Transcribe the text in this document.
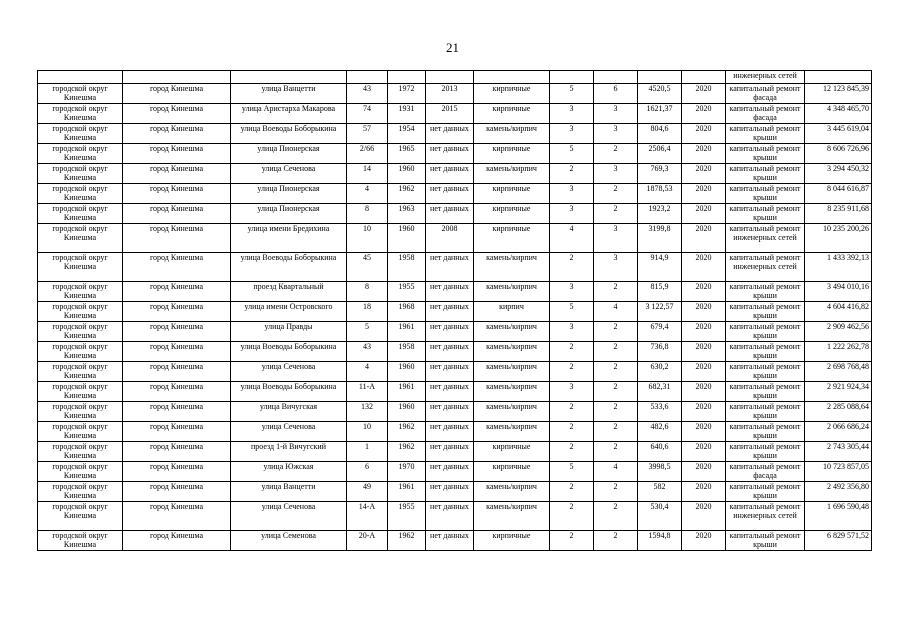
21
											инженерных сетей	
городской округ Кинешма	город Кинешма	улица Ванцетти	43	1972	2013	кирпичные	5	6	4520,5	2020	капитальный ремонт фасада	12 123 845,39
городской округ Кинешма	город Кинешма	улица Аристарха Макарова	74	1931	2015	кирпичные	3	3	1621,37	2020	капитальный ремонт фасада	4 348 465,70
городской округ Кинешма	город Кинешма	улица Воеводы Боборыкина	57	1954	нет данных	камень/кирпич	3	3	804,6	2020	капитальный ремонт крыши	3 445 619,04
городской округ Кинешма	город Кинешма	улица Пионерская	2/66	1965	нет данных	кирпичные	5	2	2506,4	2020	капитальный ремонт крыши	8 606 726,96
городской округ Кинешма	город Кинешма	улица Сеченова	14	1960	нет данных	камень/кирпич	2	3	769,3	2020	капитальный ремонт крыши	3 294 450,32
городской округ Кинешма	город Кинешма	улица Пионерская	4	1962	нет данных	кирпичные	3	2	1878,53	2020	капитальный ремонт крыши	8 044 616,87
городской округ Кинешма	город Кинешма	улица Пионерская	8	1963	нет данных	кирпичные	3	2	1923,2	2020	капитальный ремонт крыши	8 235 911,68
городской округ Кинешма	город Кинешма	улица имени Бредихина	10	1960	2008	кирпичные	4	3	3199,8	2020	капитальный ремонт инженерных сетей	10 235 200,26
городской округ Кинешма	город Кинешма	улица Воеводы Боборыкина	45	1958	нет данных	камень/кирпич	2	3	914,9	2020	капитальный ремонт инженерных сетей	1 433 392,13
городской округ Кинешма	город Кинешма	проезд Квартальный	8	1955	нет данных	камень/кирпич	3	2	815,9	2020	капитальный ремонт крыши	3 494 010,16
городской округ Кинешма	город Кинешма	улица имени Островского	18	1968	нет данных	кирпич	5	4	3 122,57	2020	капитальный ремонт крыши	4 604 416,82
городской округ Кинешма	город Кинешма	улица Правды	5	1961	нет данных	камень/кирпич	3	2	679,4	2020	капитальный ремонт крыши	2 909 462,56
городской округ Кинешма	город Кинешма	улица Воеводы Боборыкина	43	1958	нет данных	камень/кирпич	2	2	736,8	2020	капитальный ремонт крыши	1 222 262,78
городской округ Кинешма	город Кинешма	улица Сеченова	4	1960	нет данных	камень/кирпич	2	2	630,2	2020	капитальный ремонт крыши	2 698 768,48
городской округ Кинешма	город Кинешма	улица Воеводы Боборыкина	11-А	1961	нет данных	камень/кирпич	3	2	682,31	2020	капитальный ремонт крыши	2 921 924,34
городской округ Кинешма	город Кинешма	улица Вичугская	132	1960	нет данных	камень/кирпич	2	2	533,6	2020	капитальный ремонт крыши	2 285 088,64
городской округ Кинешма	город Кинешма	улица Сеченова	10	1962	нет данных	камень/кирпич	2	2	482,6	2020	капитальный ремонт крыши	2 066 686,24
городской округ Кинешма	город Кинешма	проезд 1-й Вичугский	1	1962	нет данных	кирпичные	2	2	640,6	2020	капитальный ремонт крыши	2 743 305,44
городской округ Кинешма	город Кинешма	улица Южская	6	1970	нет данных	кирпичные	5	4	3998,5	2020	капитальный ремонт фасада	10 723 857,05
городской округ Кинешма	город Кинешма	улица Ванцетти	49	1961	нет данных	камень/кирпич	2	2	582	2020	капитальный ремонт крыши	2 492 356,80
городской округ Кинешма	город Кинешма	улица Сеченова	14-А	1955	нет данных	камень/кирпич	2	2	530,4	2020	капитальный ремонт инженерных сетей	1 696 590,48
городской округ Кинешма	город Кинешма	улица Семенова	20-А	1962	нет данных	кирпичные	2	2	1594,8	2020	капитальный ремонт крыши	6 829 571,52
